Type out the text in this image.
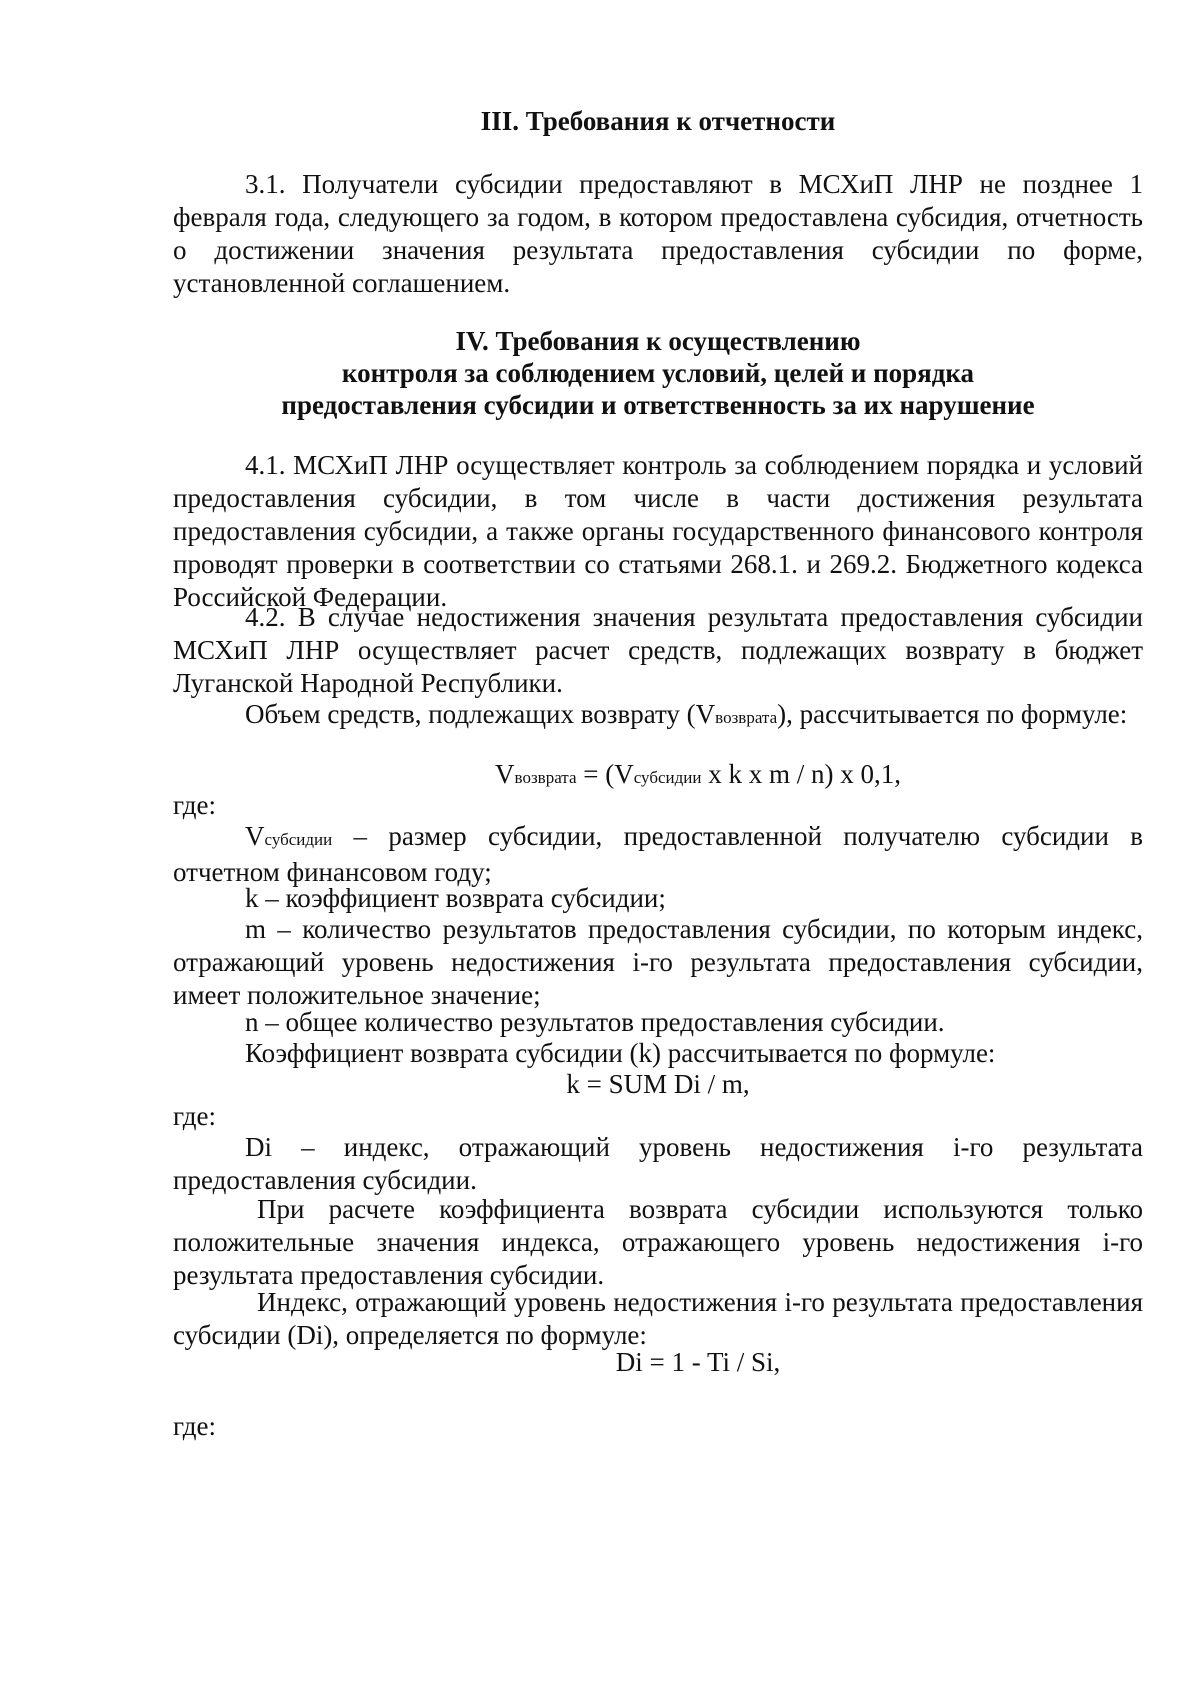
III. Требования к отчетности

3.1. Получатели субсидии предоставляют в МСХиП ЛНР не позднее 1 февраля года, следующего за годом, в котором предоставлена субсидия, отчетность о достижении значения результата предоставления субсидии по форме, установленной соглашением.

IV. Требования к осуществлению
контроля за соблюдением условий, целей и порядка
предоставления субсидии и ответственность за их нарушение

4.1. МСХиП ЛНР осуществляет контроль за соблюдением порядка и условий предоставления субсидии, в том числе в части достижения результата предоставления субсидии, а также органы государственного финансового контроля проводят проверки в соответствии со статьями 268.1. и 269.2. Бюджетного кодекса Российской Федерации.

4.2. В случае недостижения значения результата предоставления субсидии МСХиП ЛНР осуществляет расчет средств, подлежащих возврату в бюджет Луганской Народной Республики.

Объем средств, подлежащих возврату (Vвозврата), рассчитывается по формуле:

Vвозврата = (Vсубсидии x k x m / n) x 0,1,
где:

Vсубсидии – размер субсидии, предоставленной получателю субсидии в отчетном финансовом году;

k – коэффициент возврата субсидии;

m – количество результатов предоставления субсидии, по которым индекс, отражающий уровень недостижения i-го результата предоставления субсидии, имеет положительное значение;

n – общее количество результатов предоставления субсидии.

Коэффициент возврата субсидии (k) рассчитывается по формуле:

k = SUM Di / m,
где:

Di – индекс, отражающий уровень недостижения i-го результата предоставления субсидии.

При расчете коэффициента возврата субсидии используются только положительные значения индекса, отражающего уровень недостижения i-го результата предоставления субсидии.

Индекс, отражающий уровень недостижения i-го результата предоставления субсидии (Di), определяется по формуле:

Di = 1 - Ti / Si,
где:
